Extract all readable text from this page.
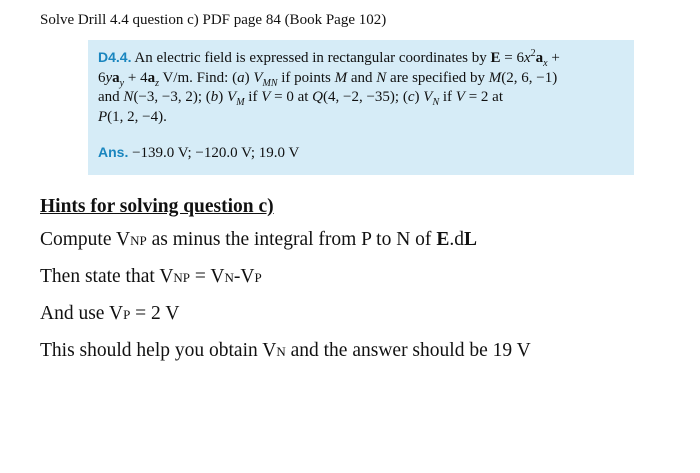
Solve Drill 4.4 question c) PDF page 84 (Book Page 102)
D4.4. An electric field is expressed in rectangular coordinates by $E = 6x^2a_x$ +
$6ya_y + 4a_z$ V/m. Find: (a) $V_{MN}$ if points M and N are specified by M(2, 6, −1)
and N(−3, −3, 2); (b) $V_M$ if V = 0 at Q(4, −2, −35); (c) $V_N$ if V = 2 at
P(1, 2, −4).
Ans. −139.0 V; −120.0 V; 19.0 V
Hints for solving question c)
Compute VNP as minus the integral from P to N of E.dL
Then state that VNP = VN-VP
And use VP = 2 V
This should help you obtain VN and the answer should be 19 V
